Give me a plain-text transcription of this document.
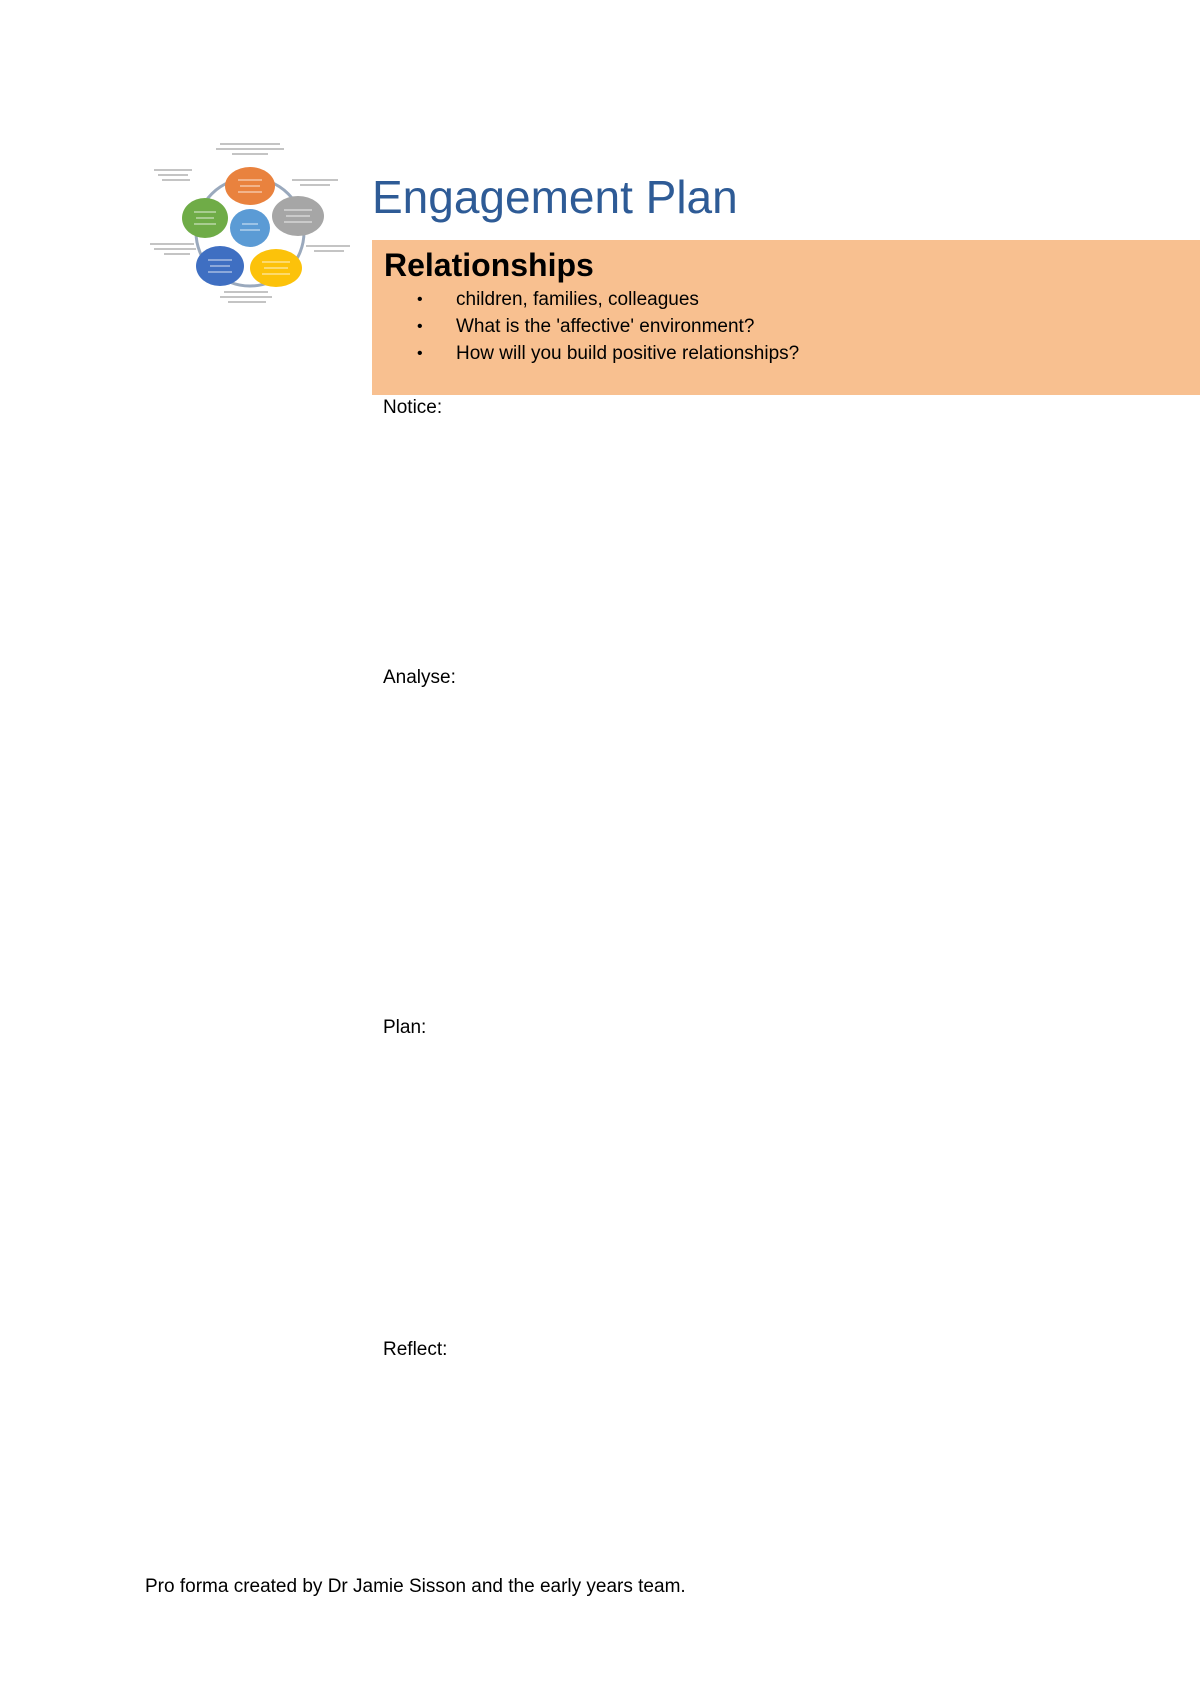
Engagement Plan
Relationships
• children, families, colleagues
• What is the 'affective' environment?
• How will you build positive relationships?

Notice:

Analyse:

Plan:

Reflect:

Pro forma created by Dr Jamie Sisson and the early years team.
